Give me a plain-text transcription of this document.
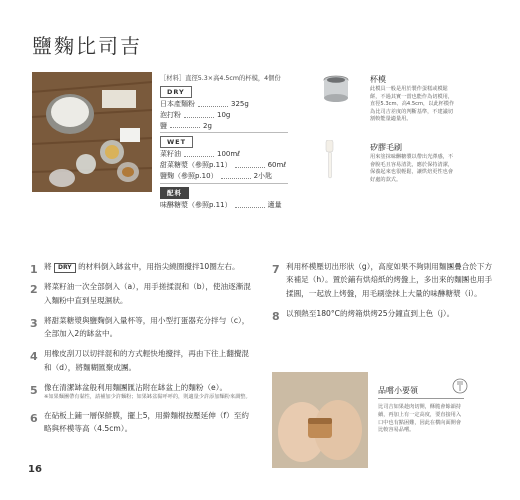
鹽麴比司吉
［材料］直徑5.3×高4.5cm的杯模，4個份
DRY
日本產麵粉	325g
泡打粉	10g
鹽	2g
WET
菜籽油	100mℓ
甜菜糖漿（參照p.11）	60mℓ
鹽麴（參照p.10）	2小匙
配料
味醂糖漿（參照p.11）	適量
杯模
此模具一般是用於製作蛋糕或模鬆餅，不過其實一當也能作為切模用，直徑5.3cm、高4.5cm，以此杯模作為比司吉差度的判斷基準，不建議切割較能量適量用。
矽膠毛刷
用來塗抹味醂糖漿以帶出光澤感，不會脫毛且容易清洗，應於保持清潔，保養起來也很輕鬆，讓烘焙更性也會好處的款式。
1 將 DRY 的材料倒入缽盆中，用指尖繞圈攪拌10圈左右。
2 將菜籽油一次全部倒入（a），用手搓揉混和（b），使油逐漸混入麵粉中直到呈現濕狀。
3 將甜菜糖漿與鹽麴倒入量杯等，用小型打蛋器充分拌勻（c），全部加入2的缽盆中。
4 用橡皮刮刀以切拌混和的方式輕快地攪拌，再由下往上翻攪混和（d），將麵糊匯聚成團。
5 像在清潔缽盆般利用麵團匯沾附在缽盆上的麵粉（e）。
※如果麵團帶有黏性，請補加少許麵粉；如果缽盆黏呼呼的，則適量少許添加麵粉來調整。
6 在砧板上鋪一層保鮮膜，擺上5，用擀麵棍按壓延伸（f）至約略與杯模等高（4.5cm）。
7 利用杯模壓切出形狀（g），高度如果不夠則用麵團疊合於下方來補足（h）。置於鋪有烘焙紙的烤盤上，多出來的麵團也用手揉圓，一起放上烤盤，用毛刷塗抹上大量的味醂糖漿（i）。
8 以預熱至180°C的烤箱烘烤25分鐘直到上色（j）。
品嚐小要領
比司吉如果趁肉切開，酥脆會餘韻持續，再加上有一定高度，要直接用入口中也有點困難，因此在横向面開會比較容易品嚐。
16
